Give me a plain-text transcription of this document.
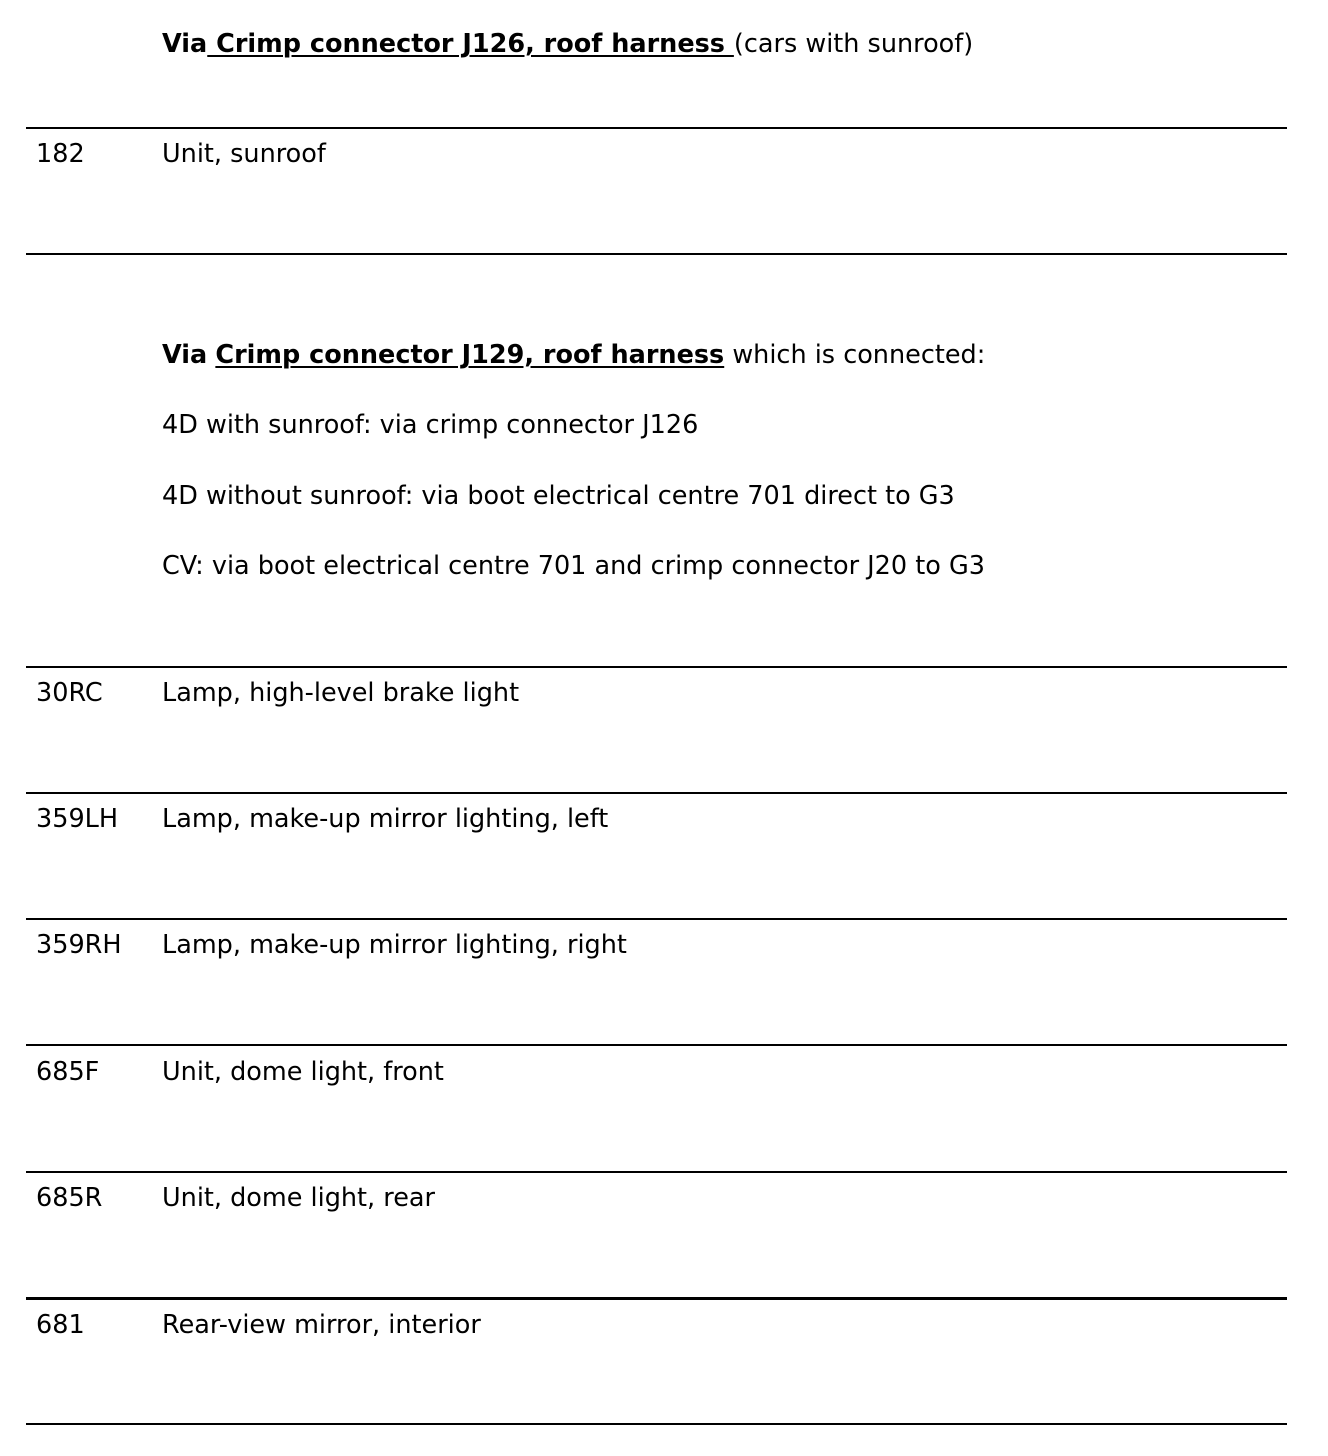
Via Crimp connector J126, roof harness (cars with sunroof)
182	Unit, sunroof
Via Crimp connector J129, roof harness which is connected:
4D with sunroof: via crimp connector J126
4D without sunroof: via boot electrical centre 701 direct to G3
CV: via boot electrical centre 701 and crimp connector J20 to G3
30RC Lamp, high-level brake light
359LH Lamp, make-up mirror lighting, left
359RH Lamp, make-up mirror lighting, right
685F Unit, dome light, front
685R Unit, dome light, rear
681	Rear-view mirror, interior
